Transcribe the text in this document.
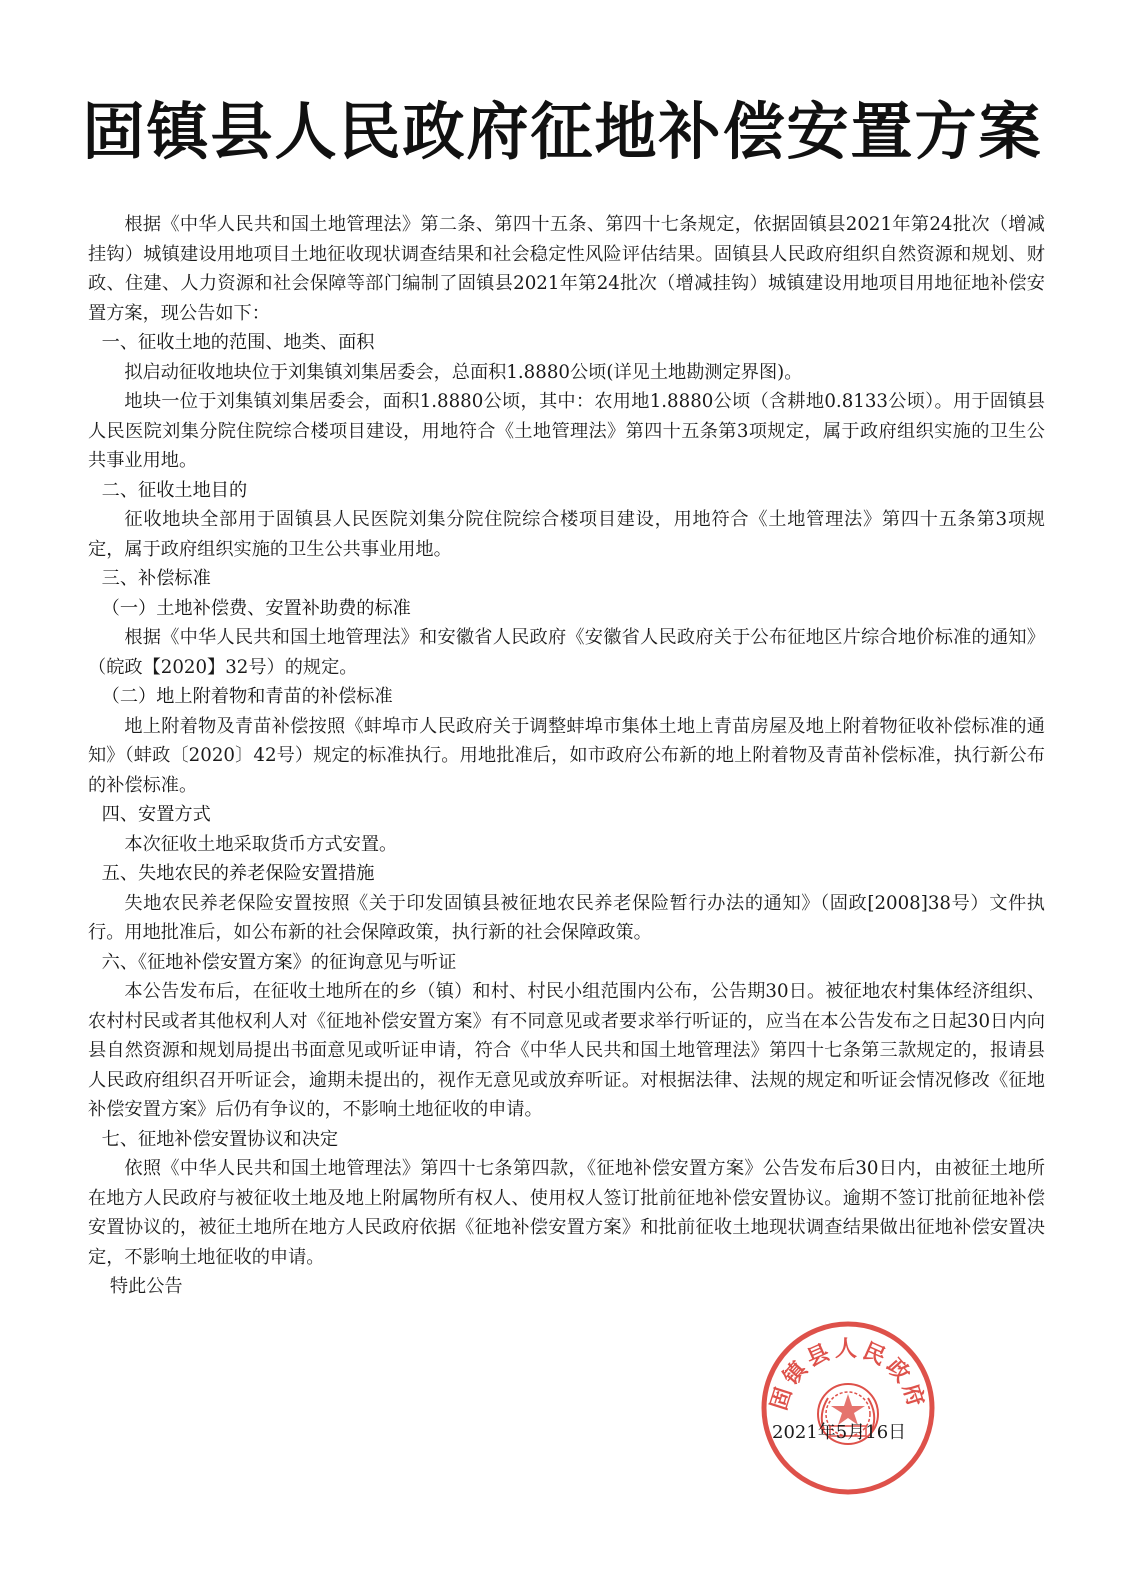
固镇县人民政府征地补偿安置方案

根据《中华人民共和国土地管理法》第二条、第四十五条、第四十七条规定，依据固镇县2021年第24批次（增减挂钩）城镇建设用地项目土地征收现状调查结果和社会稳定性风险评估结果。固镇县人民政府组织自然资源和规划、财政、住建、人力资源和社会保障等部门编制了固镇县2021年第24批次（增减挂钩）城镇建设用地项目用地征地补偿安置方案，现公告如下：

一、征收土地的范围、地类、面积

拟启动征收地块位于刘集镇刘集居委会，总面积1.8880公顷(详见土地勘测定界图)。

地块一位于刘集镇刘集居委会，面积1.8880公顷，其中：农用地1.8880公顷（含耕地0.8133公顷）。用于固镇县人民医院刘集分院住院综合楼项目建设，用地符合《土地管理法》第四十五条第3项规定，属于政府组织实施的卫生公共事业用地。

二、征收土地目的

征收地块全部用于固镇县人民医院刘集分院住院综合楼项目建设，用地符合《土地管理法》第四十五条第3项规定，属于政府组织实施的卫生公共事业用地。

三、补偿标准

（一）土地补偿费、安置补助费的标准

根据《中华人民共和国土地管理法》和安徽省人民政府《安徽省人民政府关于公布征地区片综合地价标准的通知》（皖政【2020】32号）的规定。

（二）地上附着物和青苗的补偿标准

地上附着物及青苗补偿按照《蚌埠市人民政府关于调整蚌埠市集体土地上青苗房屋及地上附着物征收补偿标准的通知》（蚌政〔2020〕42号）规定的标准执行。用地批准后，如市政府公布新的地上附着物及青苗补偿标准，执行新公布的补偿标准。

四、安置方式

本次征收土地采取货币方式安置。

五、失地农民的养老保险安置措施

失地农民养老保险安置按照《关于印发固镇县被征地农民养老保险暂行办法的通知》（固政[2008]38号）文件执行。用地批准后，如公布新的社会保障政策，执行新的社会保障政策。

六、《征地补偿安置方案》的征询意见与听证

本公告发布后，在征收土地所在的乡（镇）和村、村民小组范围内公布，公告期30日。被征地农村集体经济组织、农村村民或者其他权利人对《征地补偿安置方案》有不同意见或者要求举行听证的，应当在本公告发布之日起30日内向县自然资源和规划局提出书面意见或听证申请，符合《中华人民共和国土地管理法》第四十七条第三款规定的，报请县人民政府组织召开听证会，逾期未提出的，视作无意见或放弃听证。对根据法律、法规的规定和听证会情况修改《征地补偿安置方案》后仍有争议的，不影响土地征收的申请。

七、征地补偿安置协议和决定

依照《中华人民共和国土地管理法》第四十七条第四款，《征地补偿安置方案》公告发布后30日内，由被征土地所在地方人民政府与被征收土地及地上附属物所有权人、使用权人签订批前征地补偿安置协议。逾期不签订批前征地补偿安置协议的，被征土地所在地方人民政府依据《征地补偿安置方案》和批前征收土地现状调查结果做出征地补偿安置决定，不影响土地征收的申请。

特此公告

固镇县人民政府
2021年5月16日
